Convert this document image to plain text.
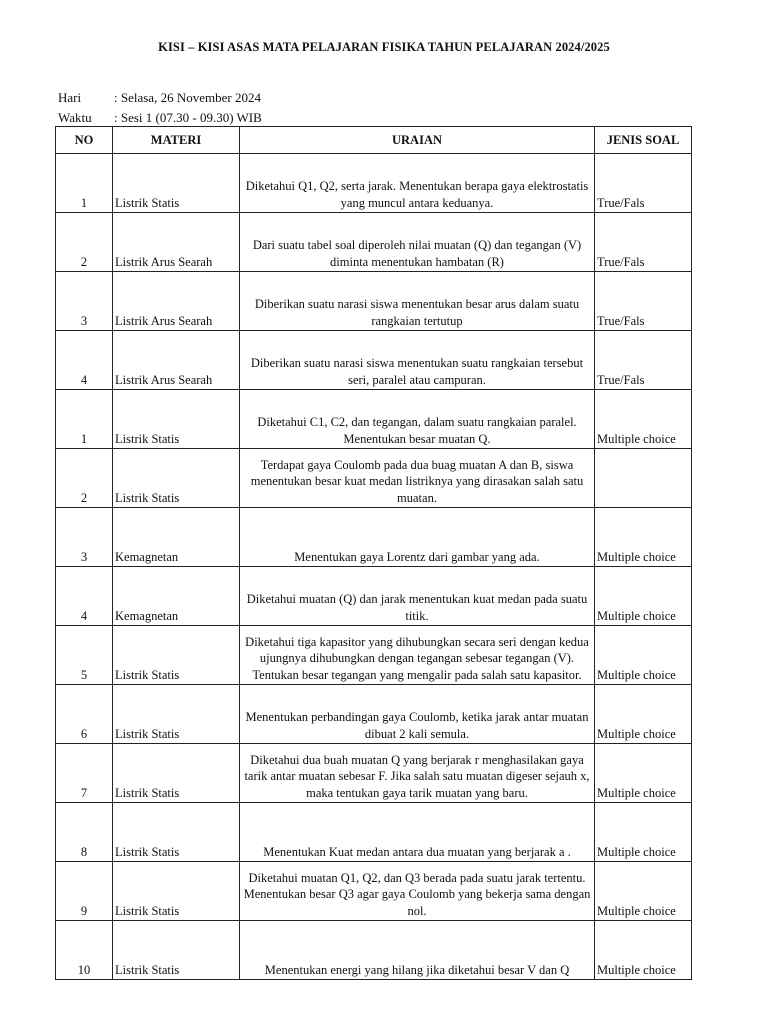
KISI – KISI ASAS MATA PELAJARAN FISIKA TAHUN PELAJARAN 2024/2025
Hari	: Selasa, 26 November 2024
Waktu : Sesi 1 (07.30 - 09.30) WIB
NO	MATERI	URAIAN	JENIS SOAL
1	Listrik Statis	Diketahui Q1, Q2, serta jarak. Menentukan berapa gaya elektrostatis yang muncul antara keduanya.	True/Fals
2	Listrik Arus Searah	Dari suatu tabel soal diperoleh nilai muatan (Q) dan tegangan (V) diminta menentukan hambatan (R)	True/Fals
3	Listrik Arus Searah	Diberikan suatu narasi siswa menentukan besar arus dalam suatu rangkaian tertutup	True/Fals
4	Listrik Arus Searah	Diberikan suatu narasi siswa menentukan suatu rangkaian tersebut seri, paralel atau campuran.	True/Fals
1	Listrik Statis	Diketahui C1, C2, dan tegangan, dalam suatu rangkaian paralel. Menentukan besar muatan Q.	Multiple choice
2	Listrik Statis	Terdapat gaya Coulomb pada dua buag muatan A dan B, siswa menentukan besar kuat medan listriknya yang dirasakan salah satu muatan.	
3	Kemagnetan	Menentukan gaya Lorentz dari gambar yang ada.	Multiple choice
4	Kemagnetan	Diketahui muatan (Q) dan jarak menentukan kuat medan pada suatu titik.	Multiple choice
5	Listrik Statis	Diketahui tiga kapasitor yang dihubungkan secara seri dengan kedua ujungnya dihubungkan dengan tegangan sebesar tegangan (V). Tentukan besar tegangan yang mengalir pada salah satu kapasitor.	Multiple choice
6	Listrik Statis	Menentukan perbandingan gaya Coulomb, ketika jarak antar muatan dibuat 2 kali semula.	Multiple choice
7	Listrik Statis	Diketahui dua buah muatan Q yang berjarak r menghasilakan gaya tarik antar muatan sebesar F. Jika salah satu muatan digeser sejauh x, maka tentukan gaya tarik muatan yang baru.	Multiple choice
8	Listrik Statis	Menentukan Kuat medan antara dua muatan yang berjarak a .	Multiple choice
9	Listrik Statis	Diketahui muatan Q1, Q2, dan Q3 berada pada suatu jarak tertentu. Menentukan besar Q3 agar gaya Coulomb yang bekerja sama dengan nol.	Multiple choice
10	Listrik Statis	Menentukan energi yang hilang jika diketahui besar V dan Q	Multiple choice
